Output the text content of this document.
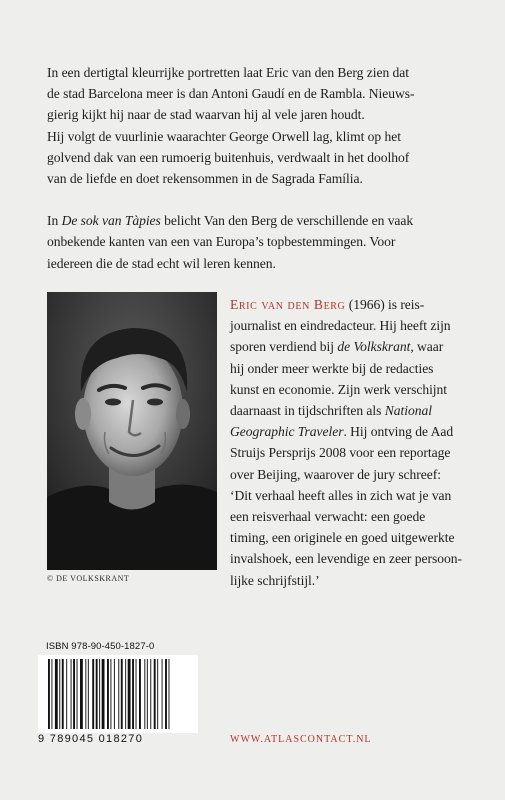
In een dertigtal kleurrijke portretten laat Eric van den Berg zien dat
de stad Barcelona meer is dan Antoni Gaudí en de Rambla. Nieuws-
gierig kijkt hij naar de stad waarvan hij al vele jaren houdt.
Hij volgt de vuurlinie waarachter George Orwell lag, klimt op het
golvend dak van een rumoerig buitenhuis, verdwaalt in het doolhof
van de liefde en doet rekensommen in de Sagrada Família.

In De sok van Tàpies belicht Van den Berg de verschillende en vaak
onbekende kanten van een van Europa’s topbestemmingen. Voor
iedereen die de stad echt wil leren kennen.

© DE VOLKSKRANT

Eric van den Berg (1966) is reis-
journalist en eindredacteur. Hij heeft zijn
sporen verdiend bij de Volkskrant, waar
hij onder meer werkte bij de redacties
kunst en economie. Zijn werk verschijnt
daarnaast in tijdschriften als National
Geographic Traveler. Hij ontving de Aad
Struijs Persprijs 2008 voor een reportage
over Beijing, waarover de jury schreef:
‘Dit verhaal heeft alles in zich wat je van
een reisverhaal verwacht: een goede
timing, een originele en goed uitgewerkte
invalshoek, een levendige en zeer persoon-
lijke schrijfstijl.’

ISBN 978-90-450-1827-0
9 789045 018270	WWW.ATLASCONTACT.NL
